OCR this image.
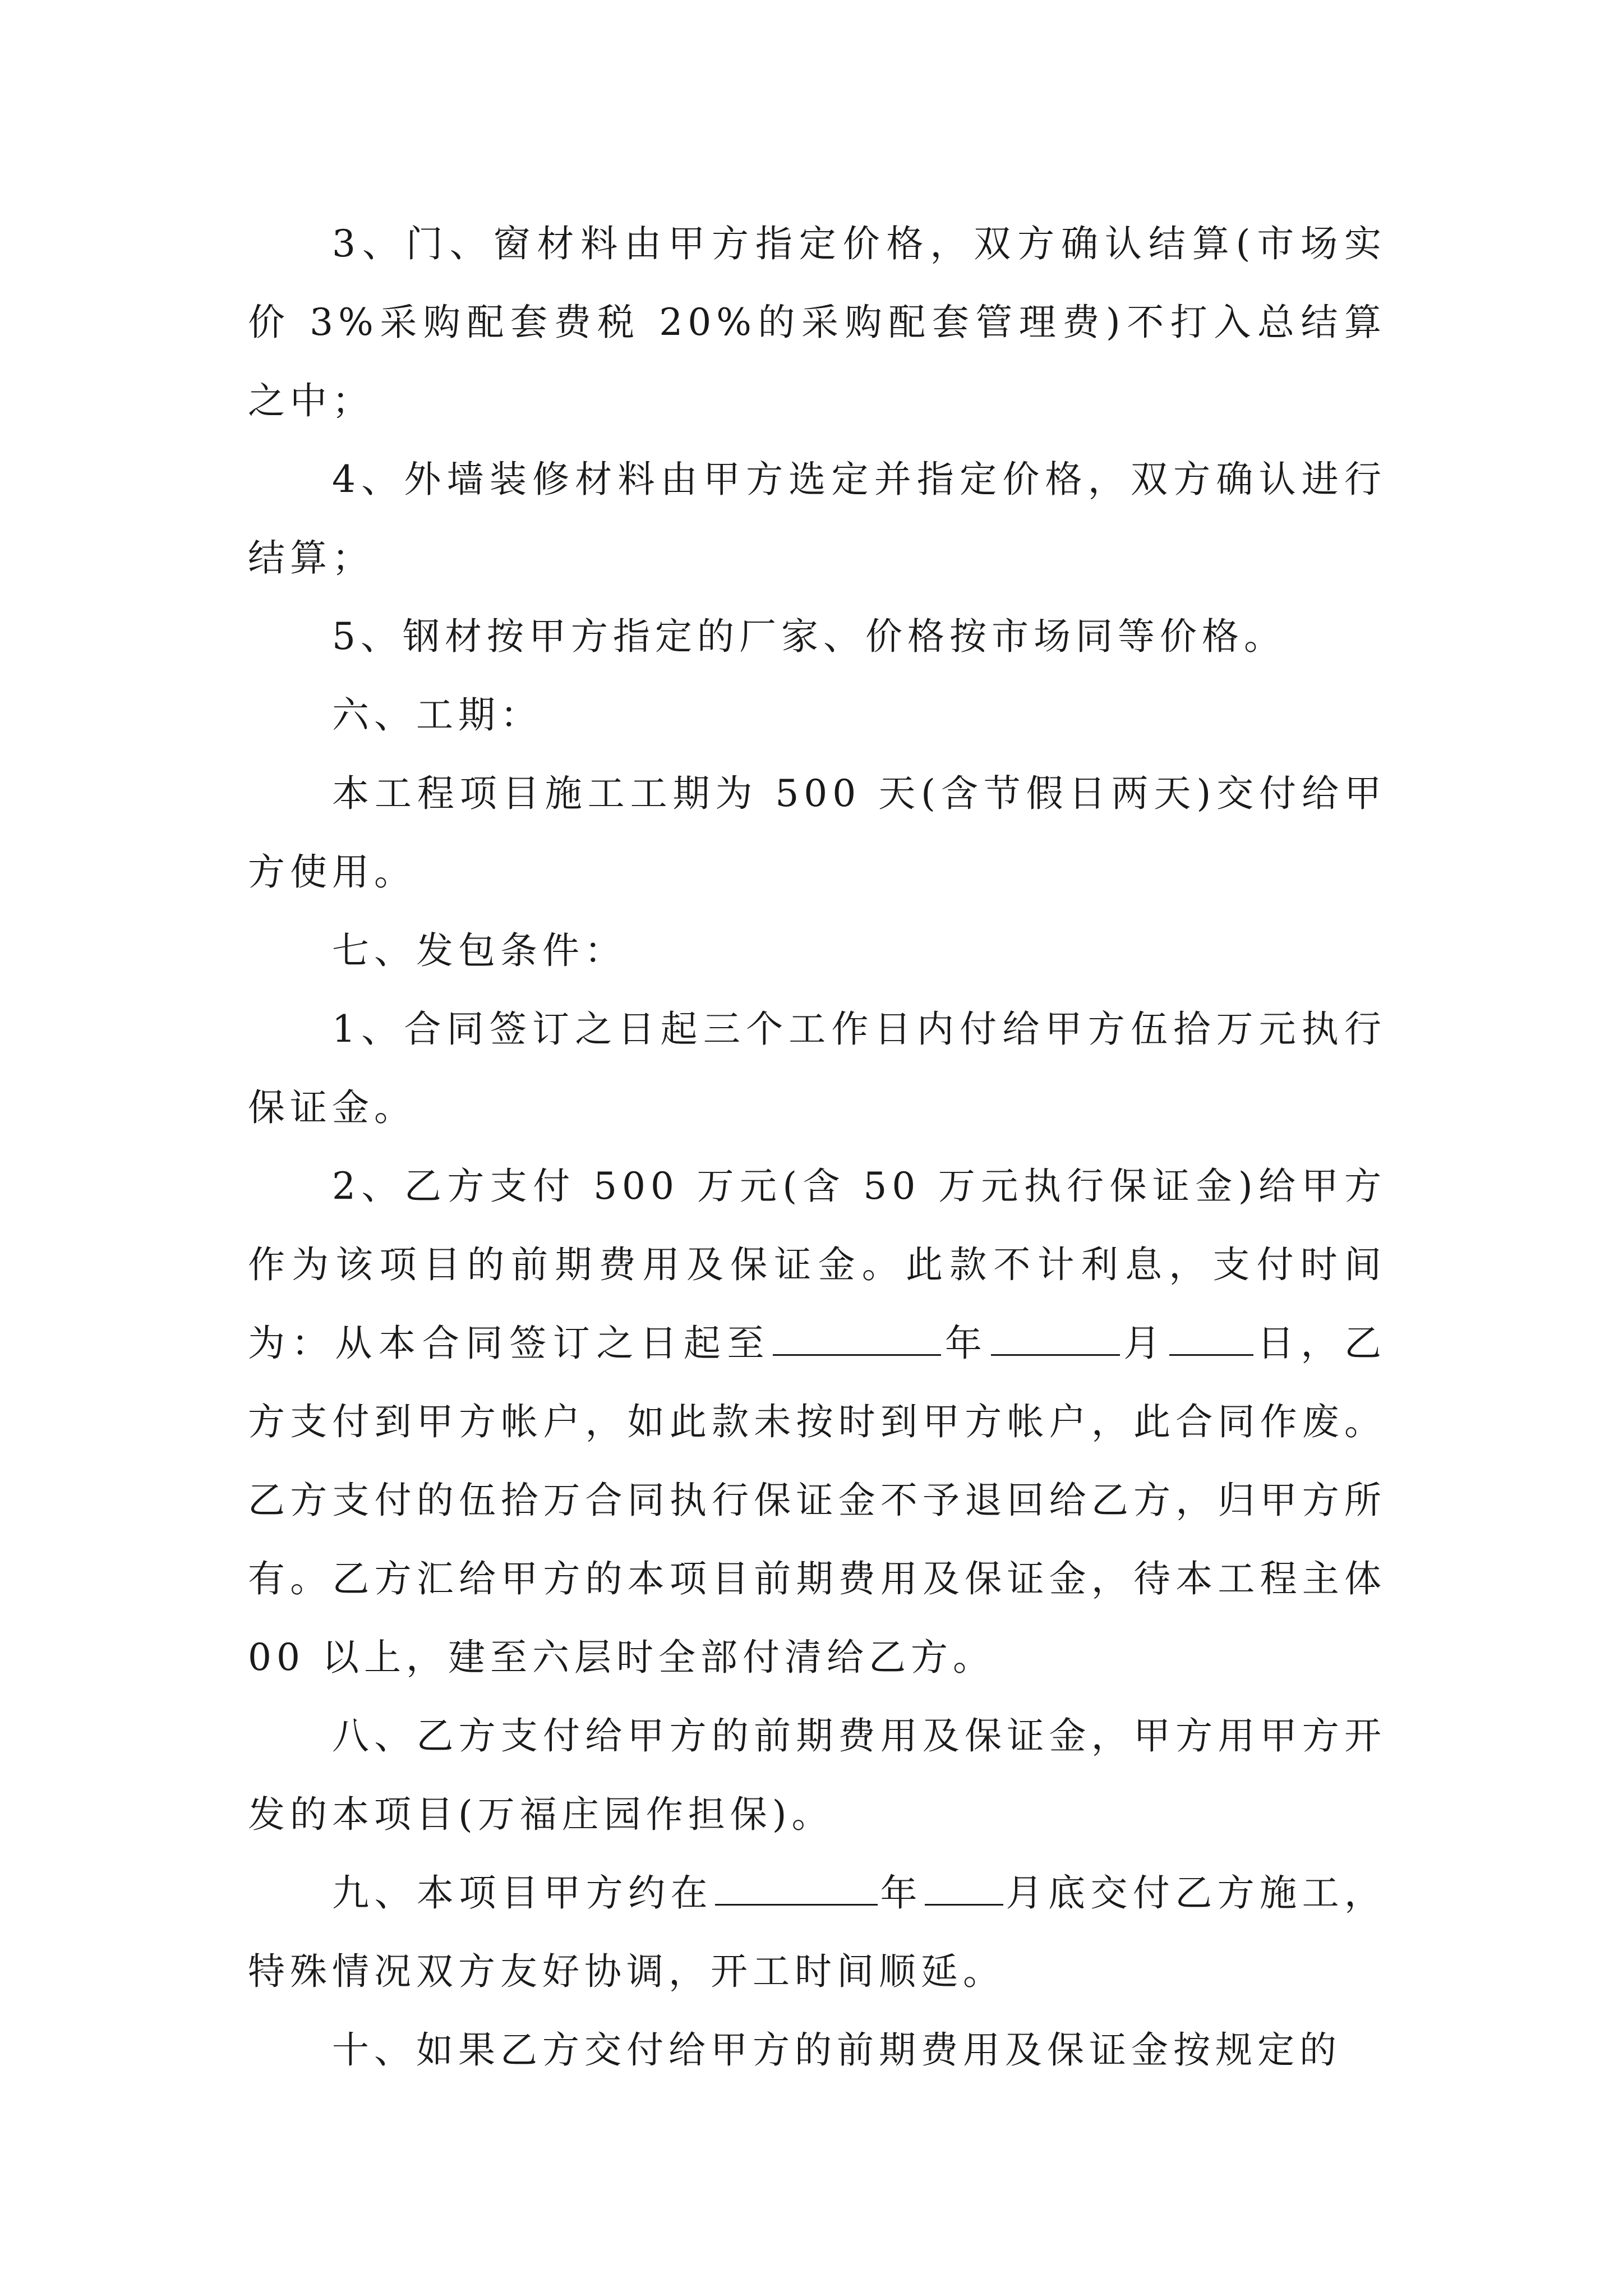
3、门、窗材料由甲方指定价格，双方确认结算(市场实价 3%采购配套费税 20%的采购配套管理费)不打入总结算之中；

4、外墙装修材料由甲方选定并指定价格，双方确认进行结算；

5、钢材按甲方指定的厂家、价格按市场同等价格。

六、工期：

本工程项目施工工期为 500 天(含节假日两天)交付给甲方使用。

七、发包条件：

1、合同签订之日起三个工作日内付给甲方伍拾万元执行保证金。

2、乙方支付 500 万元(含 50 万元执行保证金)给甲方作为该项目的前期费用及保证金。此款不计利息，支付时间为：从本合同签订之日起至	年	月 日，乙方支付到甲方帐户，如此款未按时到甲方帐户，此合同作废。乙方支付的伍拾万合同执行保证金不予退回给乙方，归甲方所有。乙方汇给甲方的本项目前期费用及保证金，待本工程主体 00 以上，建至六层时全部付清给乙方。

八、乙方支付给甲方的前期费用及保证金，甲方用甲方开发的本项目(万福庄园作担保)。

九、本项目甲方约在	年 月底交付乙方施工，特殊情况双方友好协调，开工时间顺延。

十、如果乙方交付给甲方的前期费用及保证金按规定的
